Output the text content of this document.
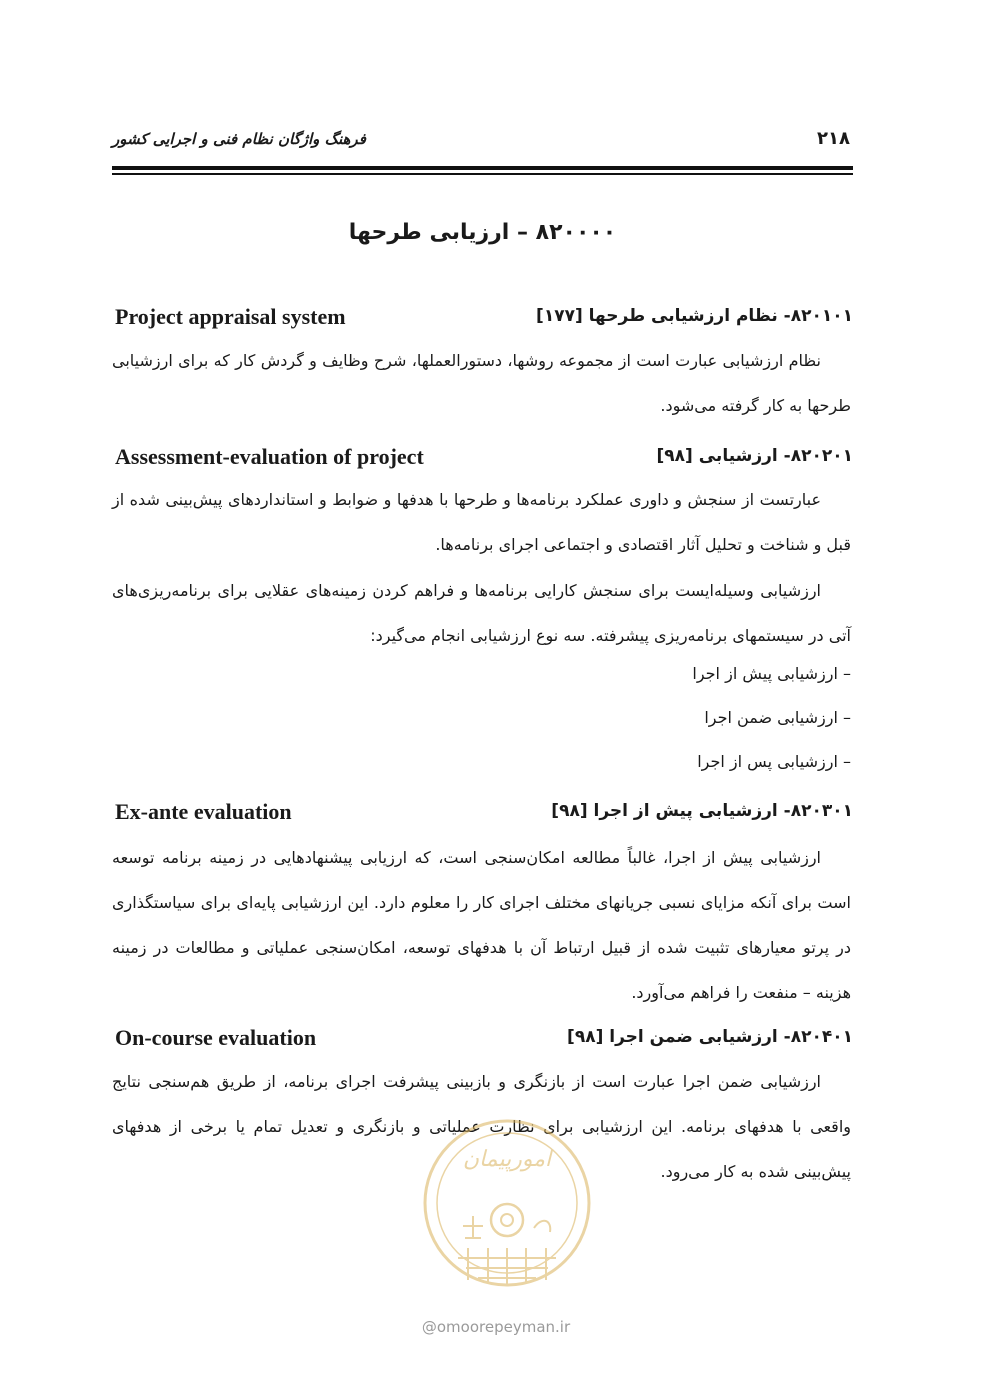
فرهنگ واژگان نظام فنی و اجرایی کشور	۲۱۸
۸۲۰۰۰۰ – ارزیابی طرحها
Project appraisal system	۸۲۰۱۰۱- نظام ارزشیابی طرحها [۱۷۷]
نظام ارزشیابی عبارت است از مجموعه روشها، دستورالعملها، شرح وظایف و گردش کار که برای ارزشیابی طرحها به کار گرفته می‌شود.
Assessment-evaluation of project	۸۲۰۲۰۱- ارزشیابی [۹۸]
عبارتست از سنجش و داوری عملکرد برنامه‌ها و طرحها با هدفها و ضوابط و استانداردهای پیش‌بینی شده از قبل و شناخت و تحلیل آثار اقتصادی و اجتماعی اجرای برنامه‌ها.
ارزشیابی وسیله‌ایست برای سنجش کارایی برنامه‌ها و فراهم کردن زمینه‌های عقلایی برای برنامه‌ریزی‌های آتی در سیستمهای برنامه‌ریزی پیشرفته. سه نوع ارزشیابی انجام می‌گیرد:
– ارزشیابی پیش از اجرا
– ارزشیابی ضمن اجرا
– ارزشیابی پس از اجرا
Ex-ante evaluation	۸۲۰۳۰۱- ارزشیابی پیش از اجرا [۹۸]
ارزشیابی پیش از اجرا، غالباً مطالعه امکان‌سنجی است، که ارزیابی پیشنهادهایی در زمینه برنامه توسعه است برای آنکه مزایای نسبی جریانهای مختلف اجرای کار را معلوم دارد. این ارزشیابی پایه‌ای برای سیاستگذاری در پرتو معیارهای تثبیت شده از قبیل ارتباط آن با هدفهای توسعه، امکان‌سنجی عملیاتی و مطالعات در زمینه هزینه – منفعت را فراهم می‌آورد.
On-course evaluation	۸۲۰۴۰۱- ارزشیابی ضمن اجرا [۹۸]
ارزشیابی ضمن اجرا عبارت است از بازنگری و بازبینی پیشرفت اجرای برنامه، از طریق هم‌سنجی نتایج واقعی با هدفهای برنامه. این ارزشیابی برای نظارت عملیاتی و بازنگری و تعدیل تمام یا برخی از هدفهای پیش‌بینی شده به کار می‌رود.
امورپیمان
@omoorepeyman.ir
